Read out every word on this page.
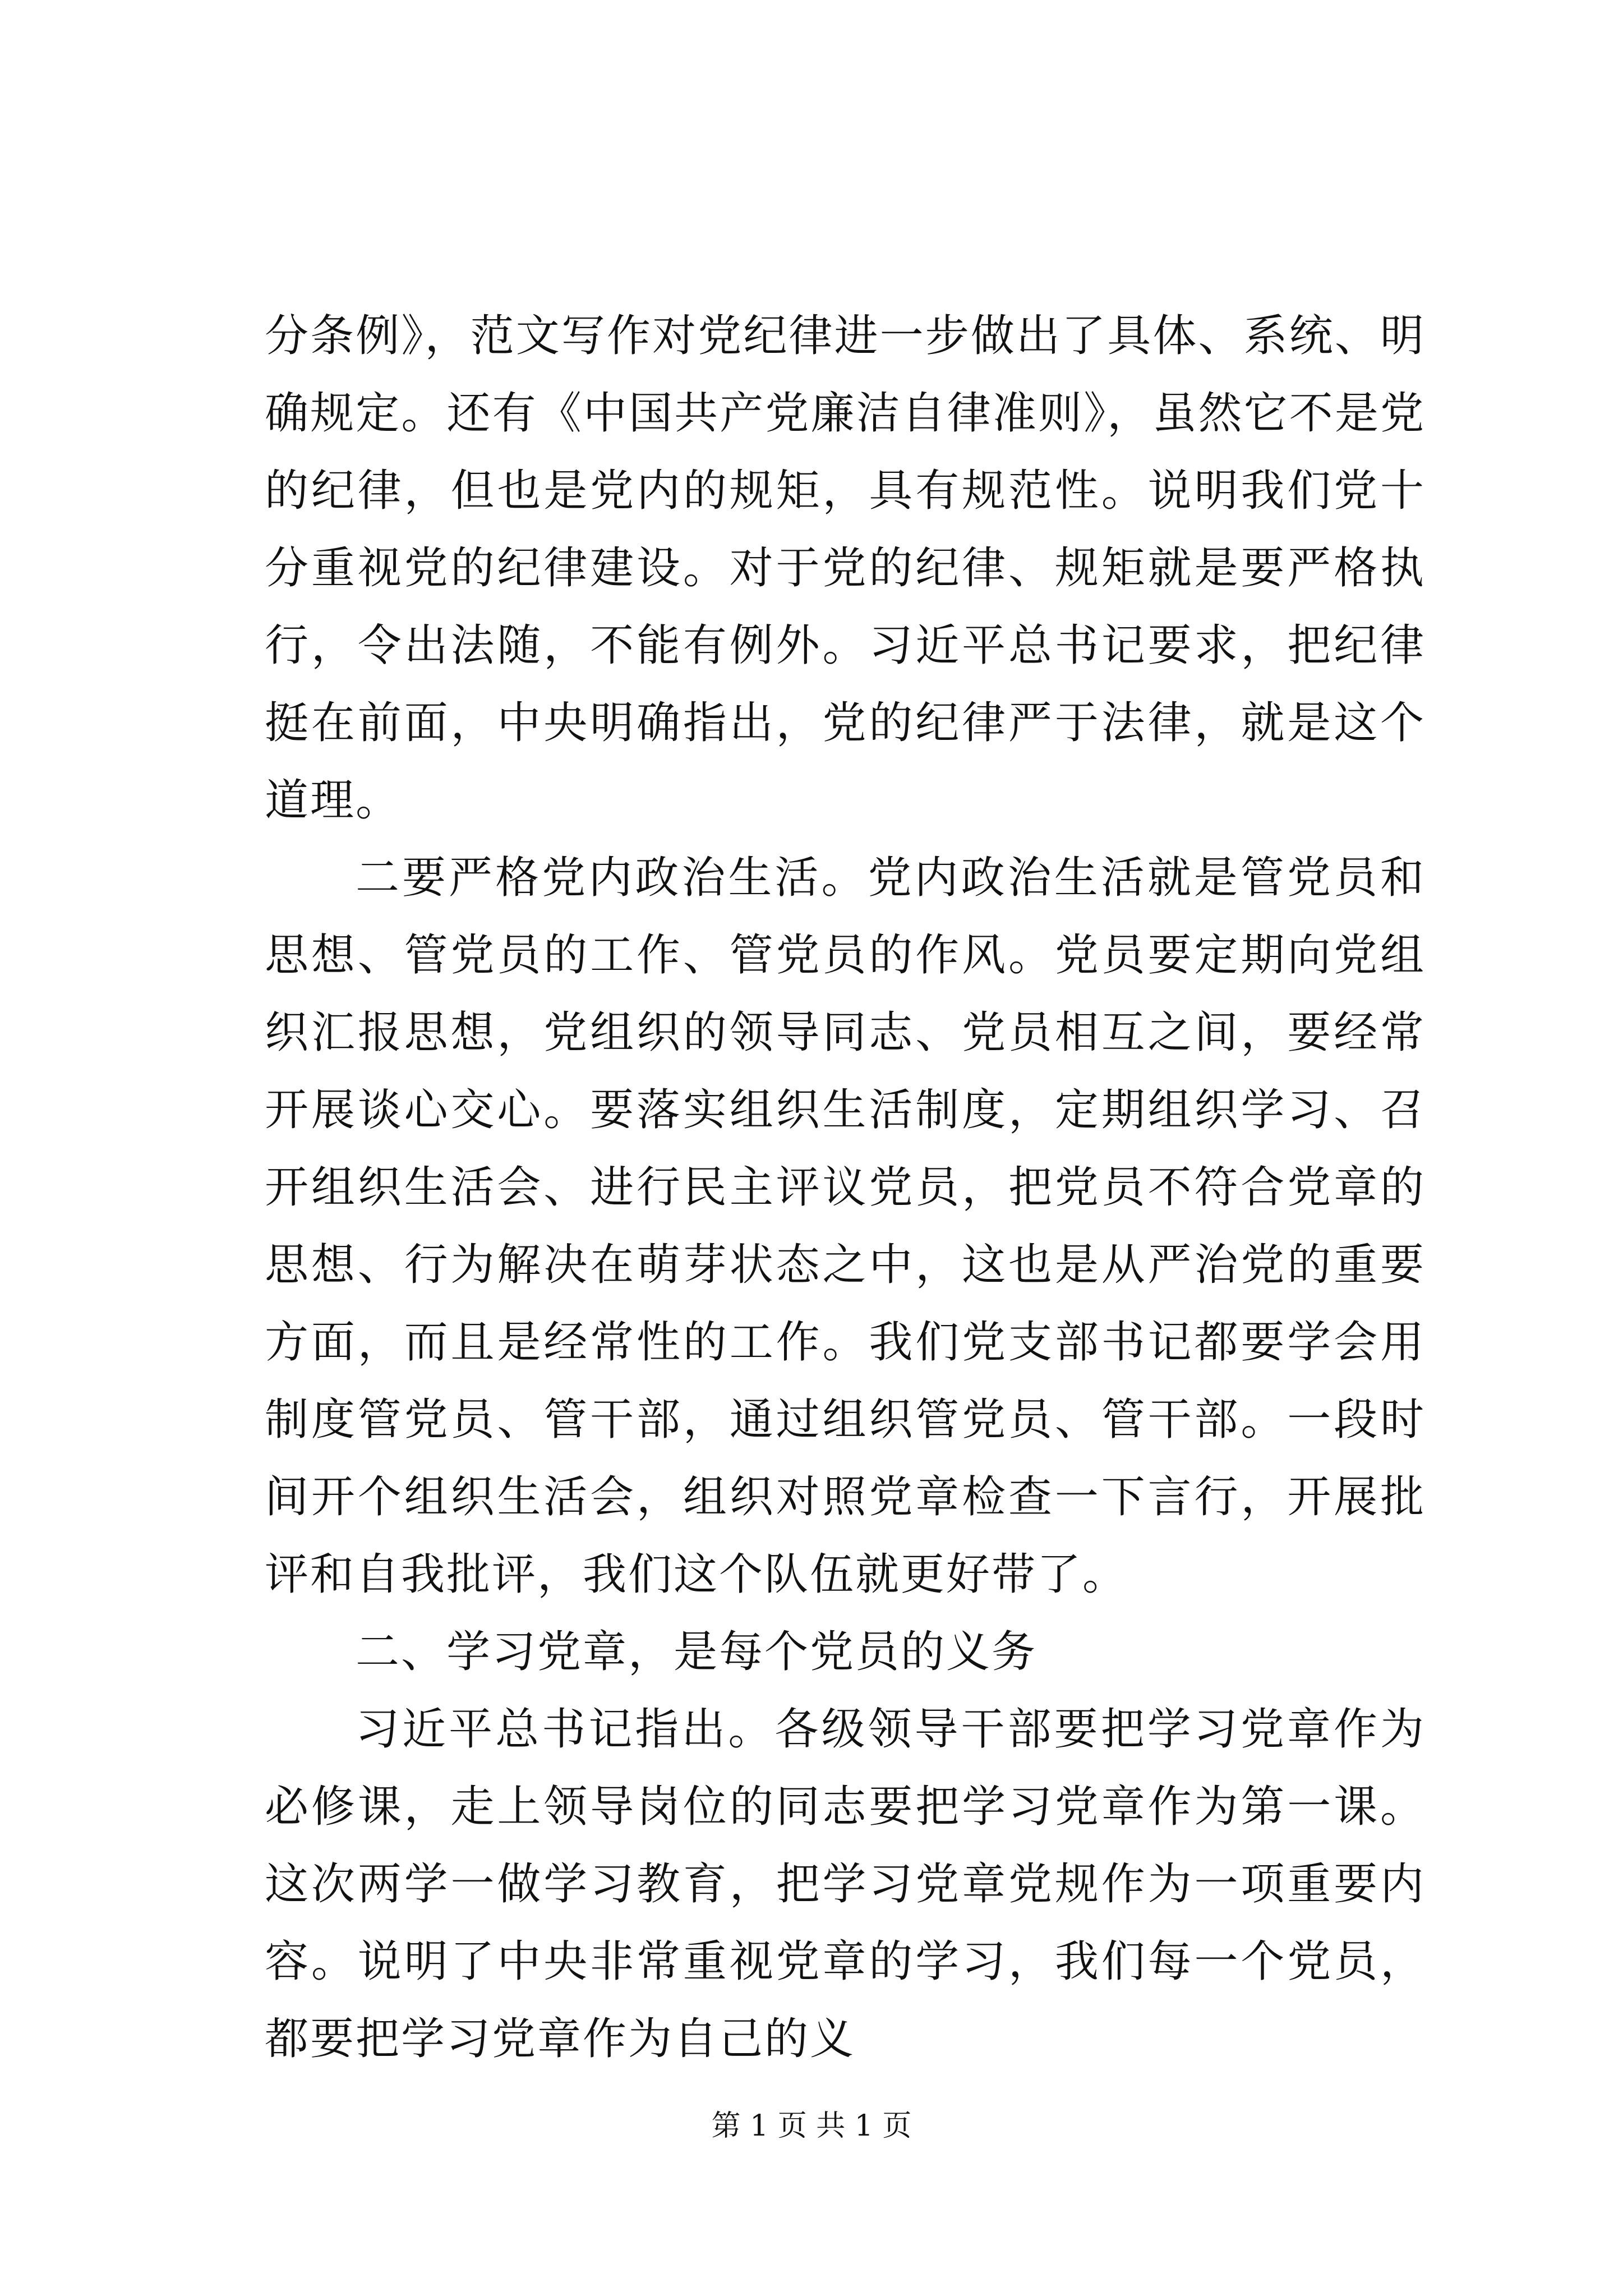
分条例》，范文写作对党纪律进一步做出了具体、系统、明确规定。还有《中国共产党廉洁自律准则》，虽然它不是党的纪律，但也是党内的规矩，具有规范性。说明我们党十分重视党的纪律建设。对于党的纪律、规矩就是要严格执行，令出法随，不能有例外。习近平总书记要求，把纪律挺在前面，中央明确指出，党的纪律严于法律，就是这个道理。

二要严格党内政治生活。党内政治生活就是管党员和思想、管党员的工作、管党员的作风。党员要定期向党组织汇报思想，党组织的领导同志、党员相互之间，要经常开展谈心交心。要落实组织生活制度，定期组织学习、召开组织生活会、进行民主评议党员，把党员不符合党章的思想、行为解决在萌芽状态之中，这也是从严治党的重要方面，而且是经常性的工作。我们党支部书记都要学会用制度管党员、管干部，通过组织管党员、管干部。一段时间开个组织生活会，组织对照党章检查一下言行，开展批评和自我批评，我们这个队伍就更好带了。

二、学习党章，是每个党员的义务

习近平总书记指出。各级领导干部要把学习党章作为必修课，走上领导岗位的同志要把学习党章作为第一课。这次两学一做学习教育，把学习党章党规作为一项重要内容。说明了中央非常重视党章的学习，我们每一个党员，都要把学习党章作为自己的义

第 1 页 共 1 页
